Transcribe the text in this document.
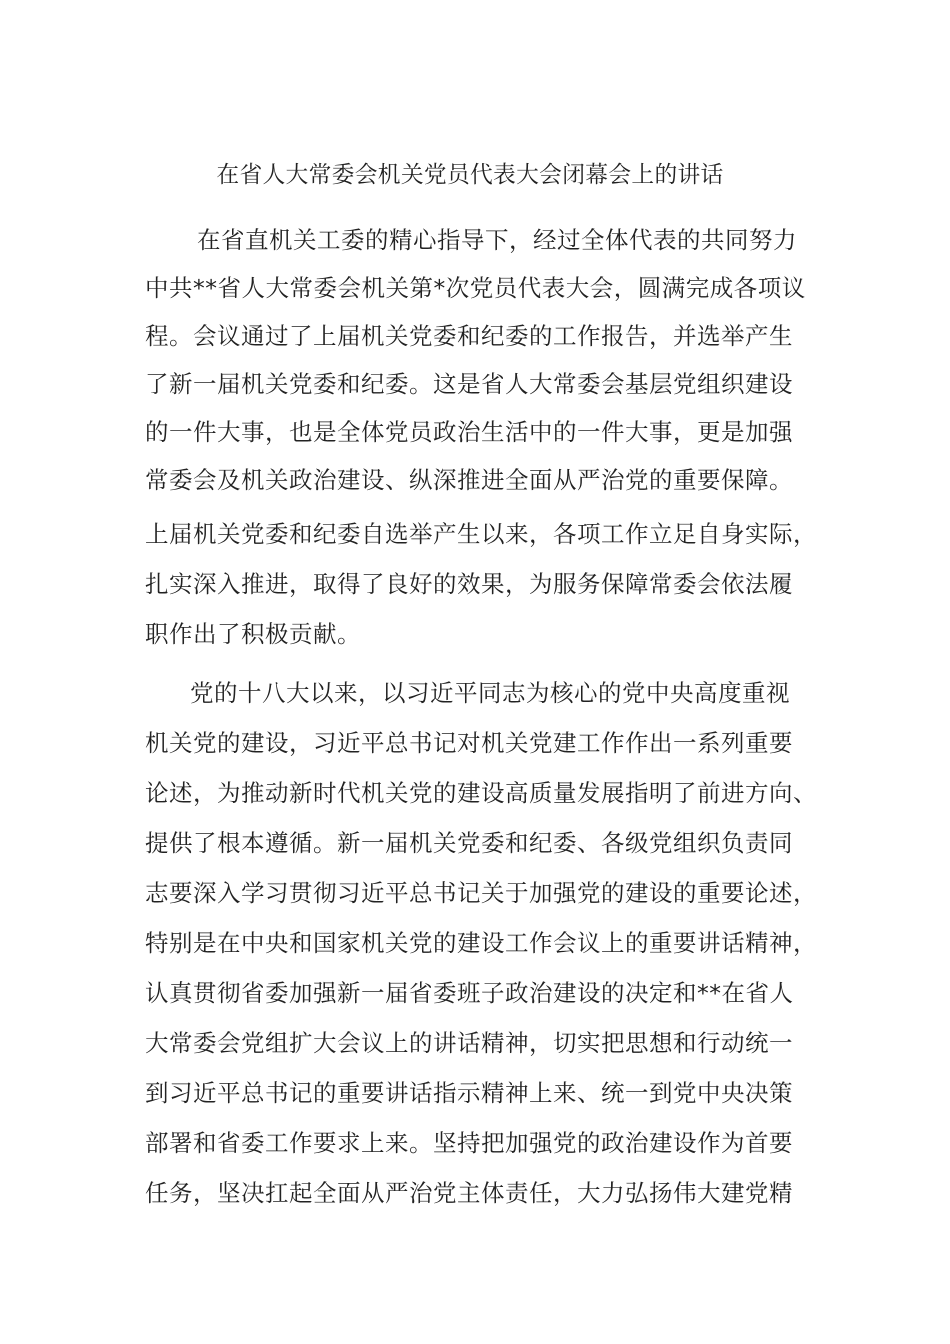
在省人大常委会机关党员代表大会闭幕会上的讲话
在省直机关工委的精心指导下，经过全体代表的共同努力
中共**省人大常委会机关第*次党员代表大会，圆满完成各项议
程。会议通过了上届机关党委和纪委的工作报告，并选举产生
了新一届机关党委和纪委。这是省人大常委会基层党组织建设
的一件大事，也是全体党员政治生活中的一件大事，更是加强
常委会及机关政治建设、纵深推进全面从严治党的重要保障。
上届机关党委和纪委自选举产生以来，各项工作立足自身实际，
扎实深入推进，取得了良好的效果，为服务保障常委会依法履
职作出了积极贡献。
党的十八大以来，以习近平同志为核心的党中央高度重视
机关党的建设，习近平总书记对机关党建工作作出一系列重要
论述，为推动新时代机关党的建设高质量发展指明了前进方向、
提供了根本遵循。新一届机关党委和纪委、各级党组织负责同
志要深入学习贯彻习近平总书记关于加强党的建设的重要论述，
特别是在中央和国家机关党的建设工作会议上的重要讲话精神，
认真贯彻省委加强新一届省委班子政治建设的决定和**在省人
大常委会党组扩大会议上的讲话精神，切实把思想和行动统一
到习近平总书记的重要讲话指示精神上来、统一到党中央决策
部署和省委工作要求上来。坚持把加强党的政治建设作为首要
任务，坚决扛起全面从严治党主体责任，大力弘扬伟大建党精
